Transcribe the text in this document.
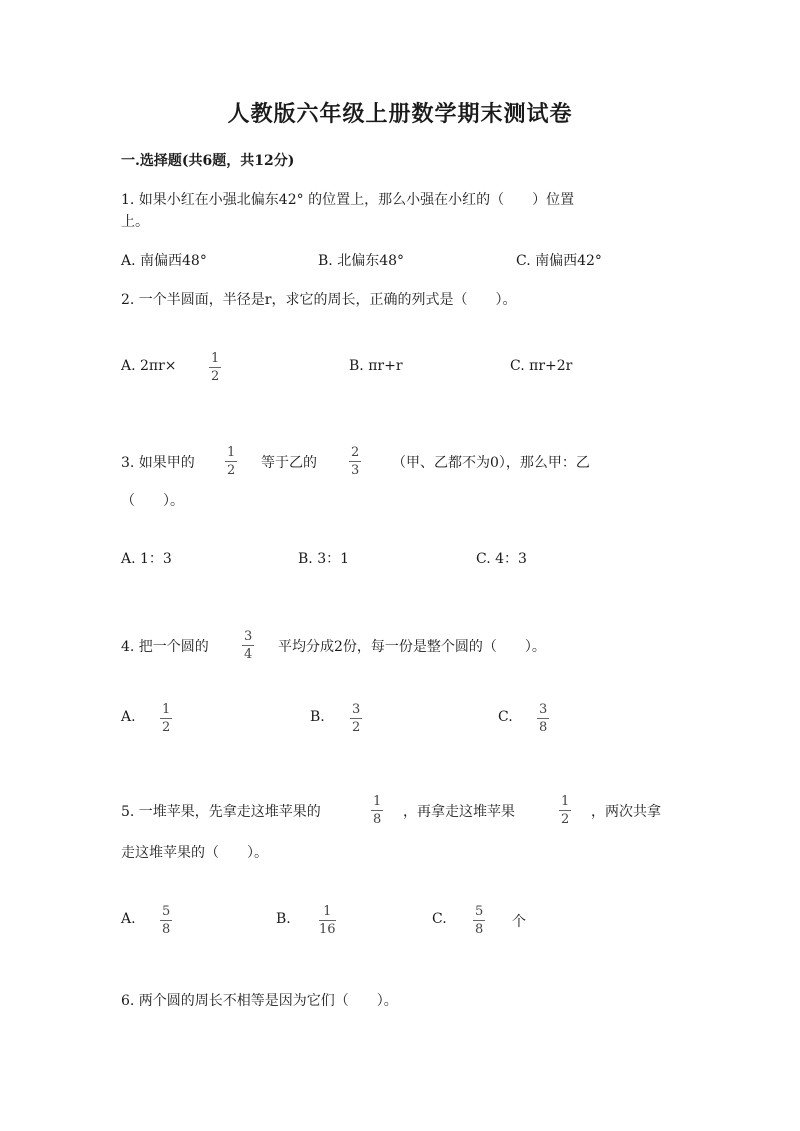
人教版六年级上册数学期末测试卷
一.选择题(共6题，共12分)
1. 如果小红在小强北偏东42° 的位置上，那么小强在小红的（　　）位置
上。
A. 南偏西48°	B. 北偏东48°	C. 南偏西42°
2. 一个半圆面，半径是r，求它的周长，正确的列式是（　　）。
A. 2πr×	1
2
B. πr+r	C. πr+2r
3. 如果甲的
1
2 等于乙的
2
3 （甲、乙都不为0），那么甲：乙
（　　）。
A. 1：3	B. 3：1	C. 4：3
4. 把一个圆的
3
4 平均分成2份，每一份是整个圆的（　　）。
A. 1
2
B. 3
2
C. 3
8
5. 一堆苹果，先拿走这堆苹果的
1
8 ，再拿走这堆苹果
1
2 ，两次共拿
走这堆苹果的（　　）。
A. 5
8
B. 1
16
C. 5
8 个
6. 两个圆的周长不相等是因为它们（　　）。
